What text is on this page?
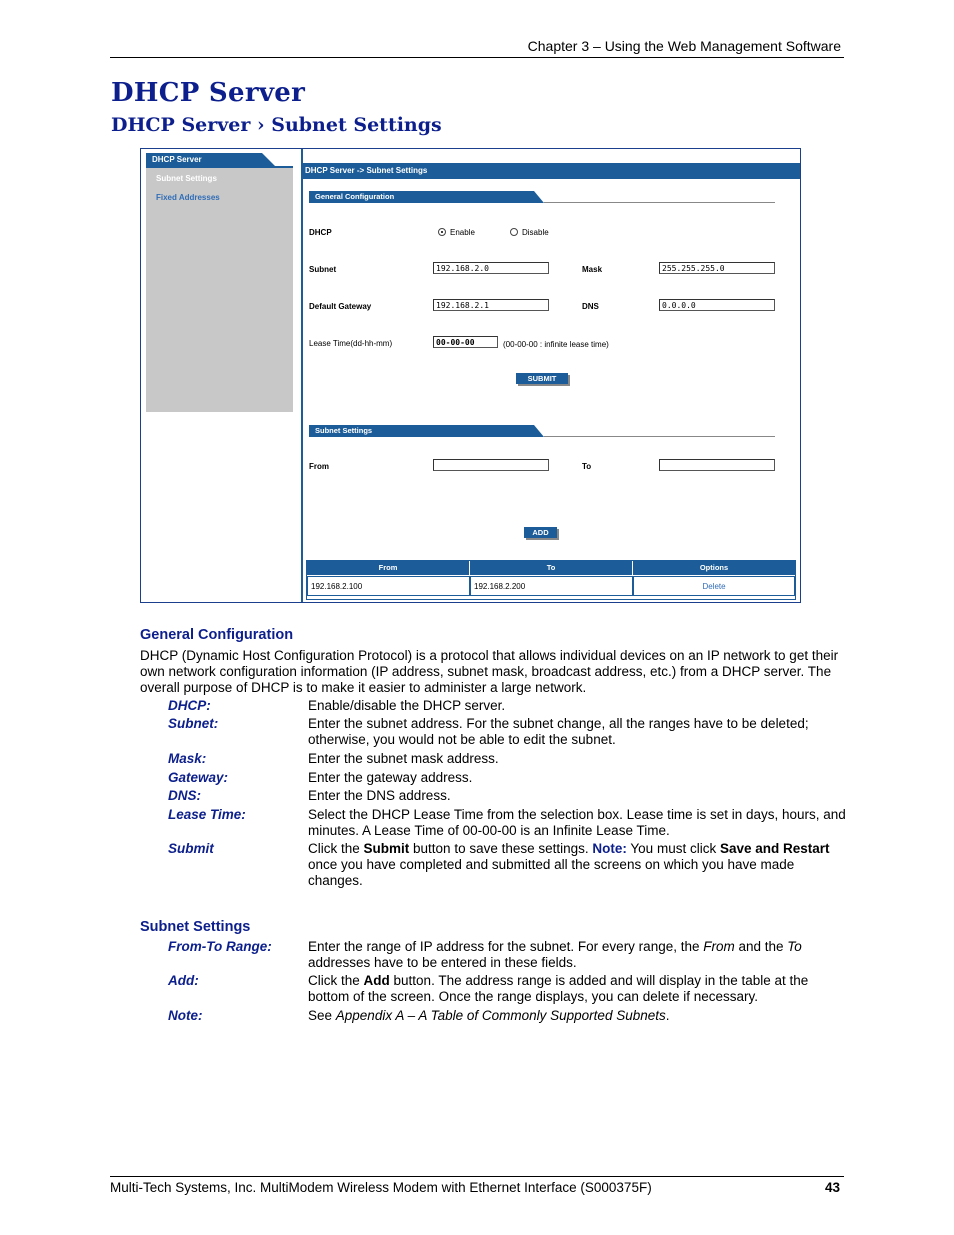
Chapter 3 – Using the Web Management Software
DHCP Server
DHCP Server › Subnet Settings
DHCP Server
Subnet Settings
Fixed Addresses
DHCP Server -> Subnet Settings
General Configuration
DHCP	Enable	Disable
Subnet	192.168.2.0	Mask	255.255.255.0
Default Gateway	192.168.2.1	DNS	0.0.0.0
Lease Time(dd-hh-mm)	00-00-00	(00-00-00 : infinite lease time)
SUBMIT
Subnet Settings
From	To
ADD
From	To	Options
192.168.2.100	192.168.2.200	Delete
General Configuration
DHCP (Dynamic Host Configuration Protocol) is a protocol that allows individual devices on an IP network to get their own network configuration information (IP address, subnet mask, broadcast address, etc.) from a DHCP server. The overall purpose of DHCP is to make it easier to administer a large network.
DHCP:	Enable/disable the DHCP server.
Subnet:	Enter the subnet address. For the subnet change, all the ranges have to be deleted; otherwise, you would not be able to edit the subnet.
Mask:	Enter the subnet mask address.
Gateway:	Enter the gateway address.
DNS:	Enter the DNS address.
Lease Time:	Select the DHCP Lease Time from the selection box. Lease time is set in days, hours, and minutes. A Lease Time of 00-00-00 is an Infinite Lease Time.
Submit	Click the Submit button to save these settings. Note: You must click Save and Restart once you have completed and submitted all the screens on which you have made changes.
Subnet Settings
From-To Range:	Enter the range of IP address for the subnet. For every range, the From and the To addresses have to be entered in these fields.
Add:	Click the Add button. The address range is added and will display in the table at the bottom of the screen. Once the range displays, you can delete if necessary.
Note:	See Appendix A – A Table of Commonly Supported Subnets.
Multi-Tech Systems, Inc. MultiModem Wireless Modem with Ethernet Interface (S000375F)	43
